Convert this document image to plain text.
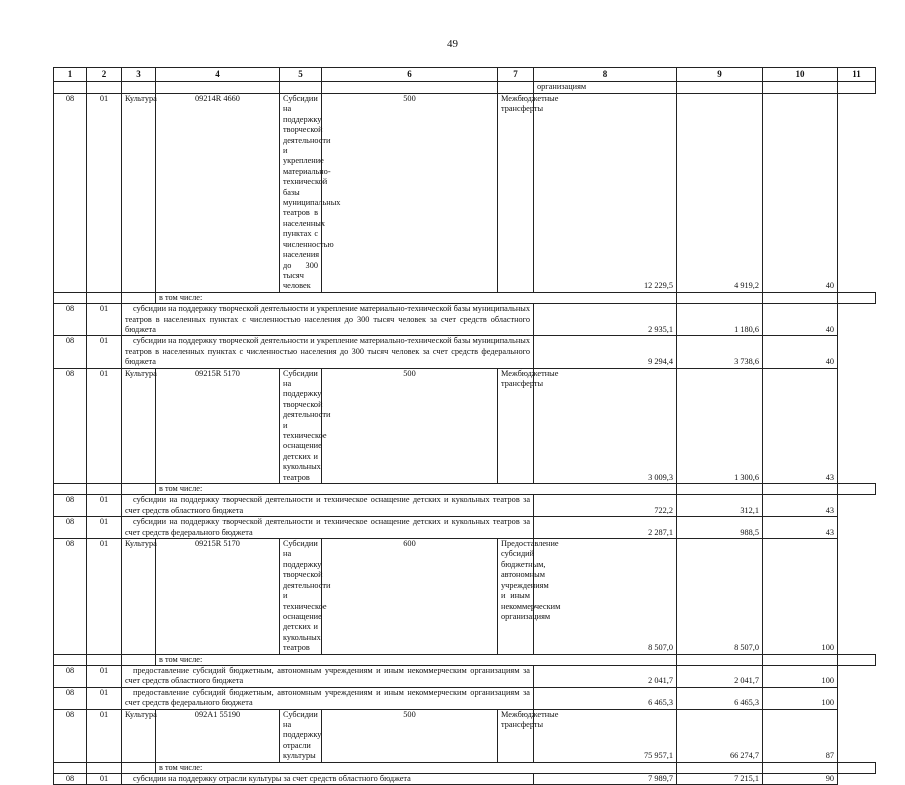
49
1	2	3	4	5	6	7	8	9	10	11
							организациям			
08	01	Культура	09214R 4660	Субсидии на поддержку творческой деятельности и укрепление материально-технической базы муниципальных театров в населенных пунктах с численностью населения до 300 тысяч человек	500	Межбюджетные трансферты	12 229,5	4 919,2	40	
			в том числе:							
08	01	субсидии на поддержку творческой деятельности и укрепление материально-технической базы муниципальных театров в населенных пунктах с численностью населения до 300 тысяч человек за счет средств областного бюджета					2 935,1	1 180,6	40	
08	01	субсидии на поддержку творческой деятельности и укрепление материально-технической базы муниципальных театров в населенных пунктах с численностью населения до 300 тысяч человек за счет средств федерального бюджета					9 294,4	3 738,6	40	
08	01	Культура	09215R 5170	Субсидии на поддержку творческой деятельности и техническое оснащение детских и кукольных театров	500	Межбюджетные трансферты	3 009,3	1 300,6	43	
			в том числе:							
08	01	субсидии на поддержку творческой деятельности и техническое оснащение детских и кукольных театров за счет средств областного бюджета					722,2	312,1	43	
08	01	субсидии на поддержку творческой деятельности и техническое оснащение детских и кукольных театров за счет средств федерального бюджета					2 287,1	988,5	43	
08	01	Культура	09215R 5170	Субсидии на поддержку творческой деятельности и техническое оснащение детских и кукольных театров	600	Предоставление субсидий бюджетным, автономным учреждениям и иным некоммерческим организациям	8 507,0	8 507,0	100	
			в том числе:							
08	01	предоставление субсидий бюджетным, автономным учреждениям и иным некоммерческим организациям за счет средств областного бюджета					2 041,7	2 041,7	100	
08	01	предоставление субсидий бюджетным, автономным учреждениям и иным некоммерческим организациям за счет средств федерального бюджета					6 465,3	6 465,3	100	
08	01	Культура	092A1 55190	Субсидии на поддержку отрасли культуры	500	Межбюджетные трансферты	75 957,1	66 274,7	87	
			в том числе:							
08	01	субсидии на поддержку отрасли культуры за счет средств областного бюджета					7 989,7	7 215,1	90	
